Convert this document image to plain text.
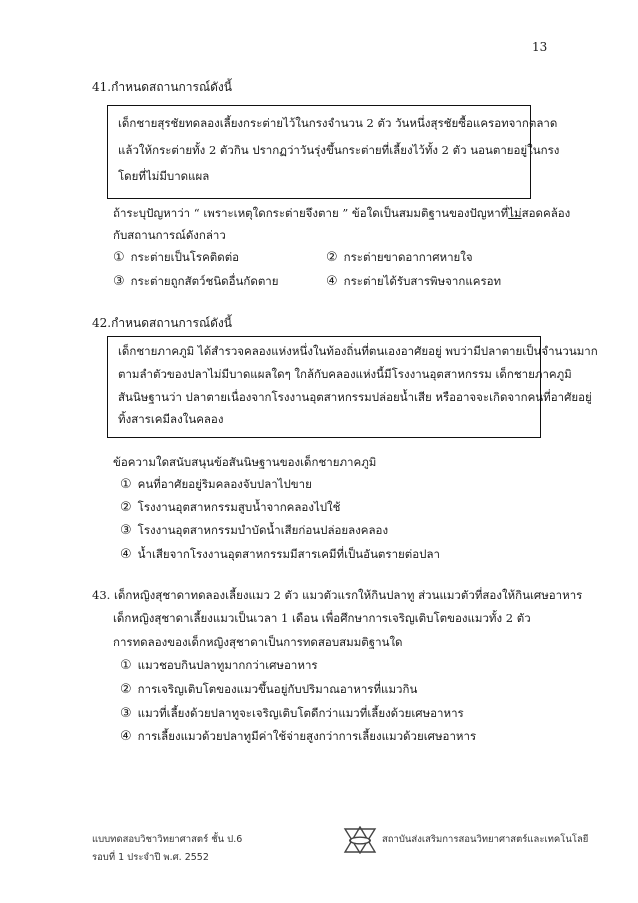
13
41.กำหนดสถานการณ์ดังนี้
เด็กชายสุรชัยทดลองเลี้ยงกระต่ายไว้ในกรงจำนวน 2 ตัว วันหนึ่งสุรชัยซื้อแครอทจากตลาด
แล้วให้กระต่ายทั้ง 2 ตัวกิน ปรากฏว่าวันรุ่งขึ้นกระต่ายที่เลี้ยงไว้ทั้ง 2 ตัว นอนตายอยู่ในกรง
โดยที่ไม่มีบาดแผล
ถ้าระบุปัญหาว่า “ เพราะเหตุใดกระต่ายจึงตาย ” ข้อใดเป็นสมมติฐานของปัญหาที่ไม่สอดคล้อง
กับสถานการณ์ดังกล่าว
① กระต่ายเป็นโรคติดต่อ	② กระต่ายขาดอากาศหายใจ
③ กระต่ายถูกสัตว์ชนิดอื่นกัดตาย	④ กระต่ายได้รับสารพิษจากแครอท
42.กำหนดสถานการณ์ดังนี้
เด็กชายภาคภูมิ ได้สำรวจคลองแห่งหนึ่งในท้องถิ่นที่ตนเองอาศัยอยู่ พบว่ามีปลาตายเป็นจำนวนมาก
ตามลำตัวของปลาไม่มีบาดแผลใดๆ ใกล้กับคลองแห่งนี้มีโรงงานอุตสาหกรรม เด็กชายภาคภูมิ
สันนิษฐานว่า ปลาตายเนื่องจากโรงงานอุตสาหกรรมปล่อยน้ำเสีย หรืออาจจะเกิดจากคนที่อาศัยอยู่
ทิ้งสารเคมีลงในคลอง
ข้อความใดสนับสนุนข้อสันนิษฐานของเด็กชายภาคภูมิ
① คนที่อาศัยอยู่ริมคลองจับปลาไปขาย
② โรงงานอุตสาหกรรมสูบน้ำจากคลองไปใช้
③ โรงงานอุตสาหกรรมบำบัดน้ำเสียก่อนปล่อยลงคลอง
④ น้ำเสียจากโรงงานอุตสาหกรรมมีสารเคมีที่เป็นอันตรายต่อปลา
43. เด็กหญิงสุชาดาทดลองเลี้ยงแมว 2 ตัว แมวตัวแรกให้กินปลาทู ส่วนแมวตัวที่สองให้กินเศษอาหาร
เด็กหญิงสุชาดาเลี้ยงแมวเป็นเวลา 1 เดือน เพื่อศึกษาการเจริญเติบโตของแมวทั้ง 2 ตัว
การทดลองของเด็กหญิงสุชาดาเป็นการทดสอบสมมติฐานใด
① แมวชอบกินปลาทูมากกว่าเศษอาหาร
② การเจริญเติบโตของแมวขึ้นอยู่กับปริมาณอาหารที่แมวกิน
③ แมวที่เลี้ยงด้วยปลาทูจะเจริญเติบโตดีกว่าแมวที่เลี้ยงด้วยเศษอาหาร
④ การเลี้ยงแมวด้วยปลาทูมีค่าใช้จ่ายสูงกว่าการเลี้ยงแมวด้วยเศษอาหาร
แบบทดสอบวิชาวิทยาศาสตร์ ชั้น ป.6
รอบที่ 1 ประจำปี พ.ศ. 2552
สถาบันส่งเสริมการสอนวิทยาศาสตร์และเทคโนโลยี
